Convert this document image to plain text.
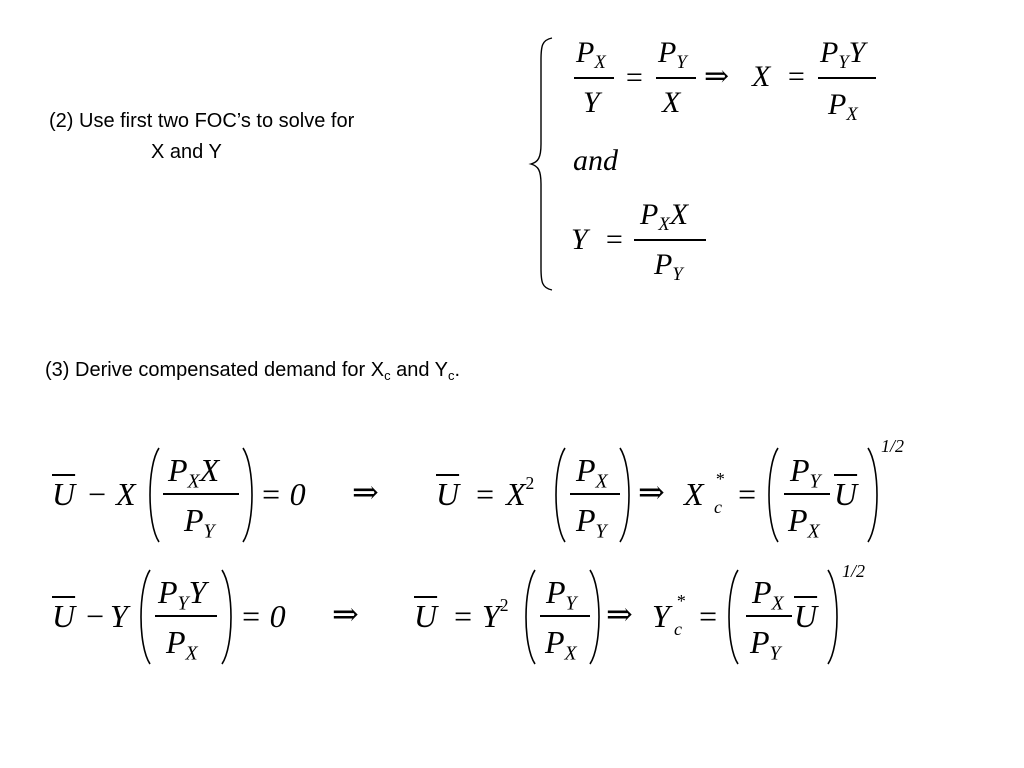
(2) Use first two FOC’s to solve for
X and Y
$P_X$
Y
=
$P_Y$
X
⇒ X =
$P_YY$
$P_X$
and
Y =
$P_XX$
$P_Y$
(3) Derive compensated demand for $X_c$ and $Y_c$.
$\overline{U} - X$
$P_XX$
$P_Y$
= 0 ⇒ $\overline{U} = X^2$ $P_X$
$P_Y$
⇒ X *
c =
$P_Y$
$P_X$
$\overline{U}$
1/2
$\overline{U} - Y$
$P_YY$
$P_X$
= 0 ⇒ $\overline{U} = Y^2$ $P_Y$
$P_X$
⇒ Y *
c =
$P_X$
$P_Y$
$\overline{U}$
1/2
